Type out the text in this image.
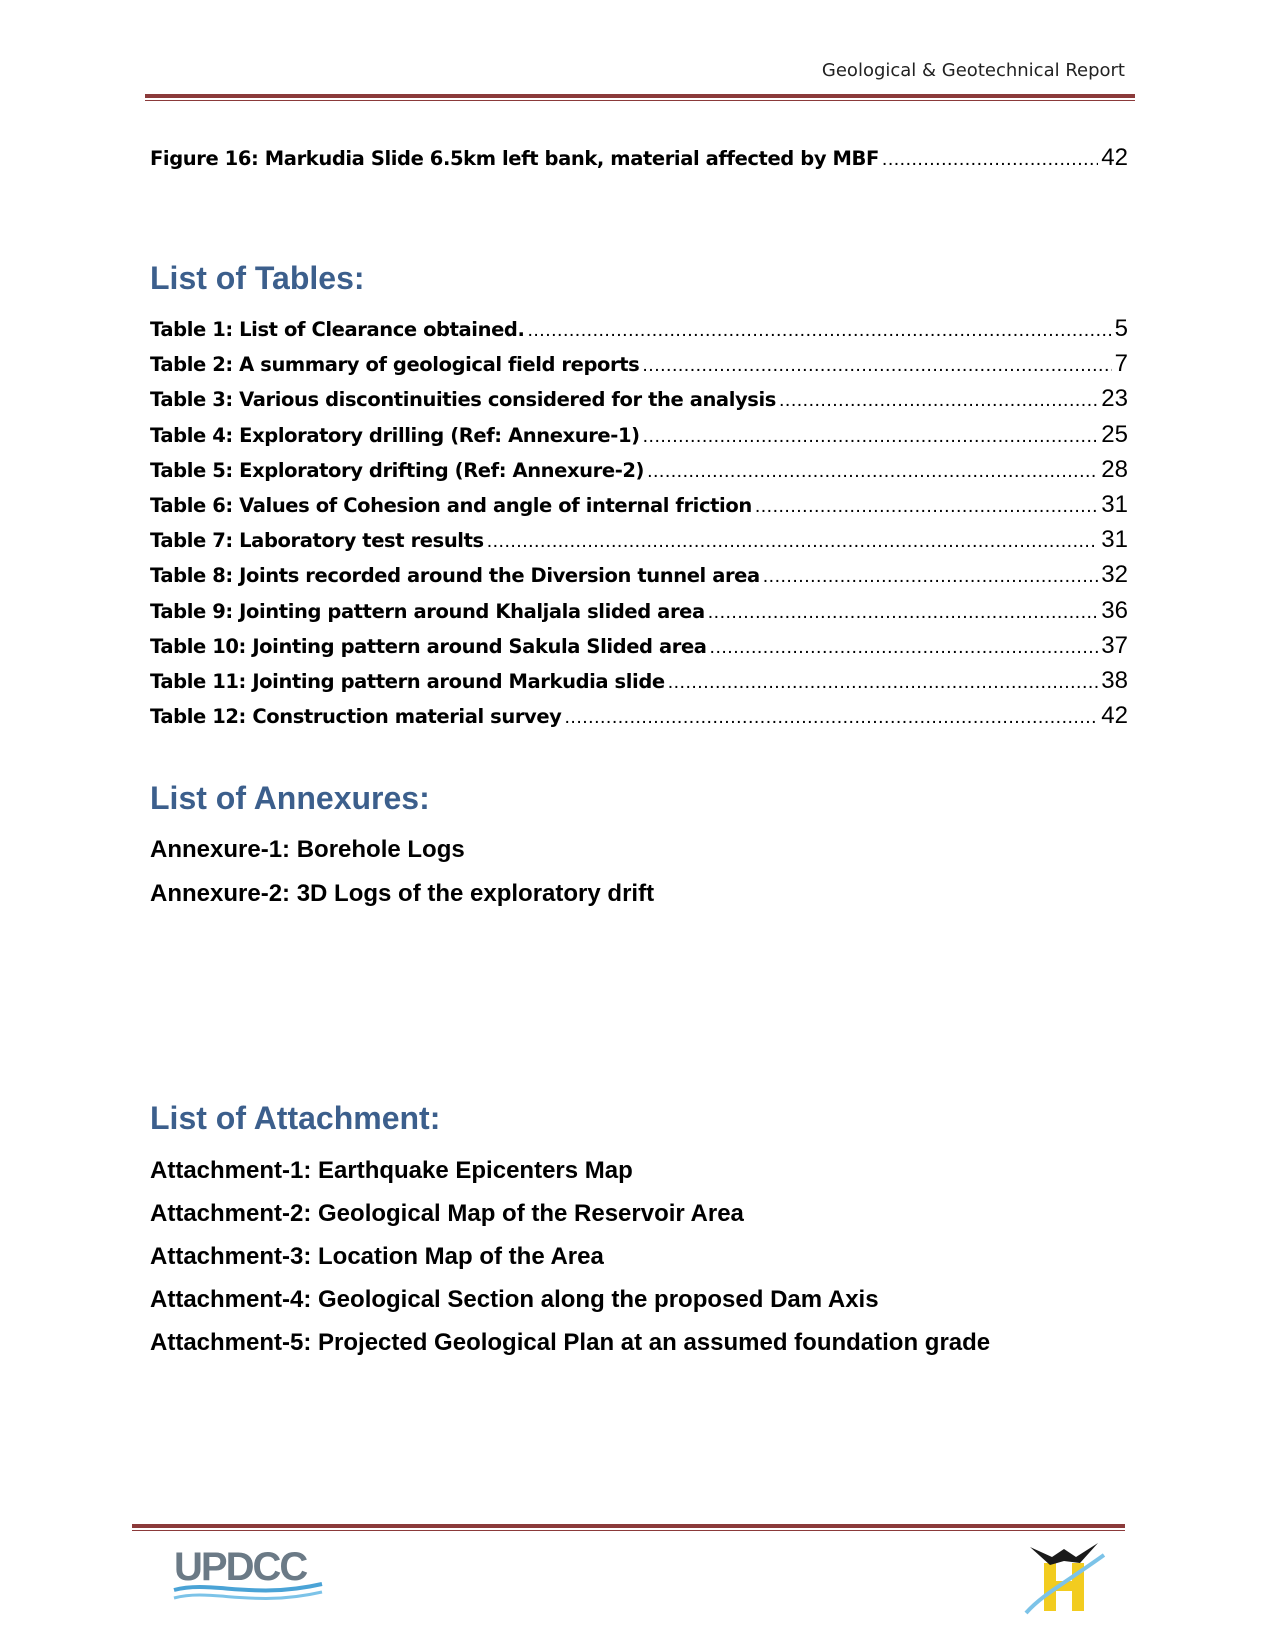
Geological & Geotechnical Report
Figure 16: Markudia Slide 6.5km left bank, material affected by MBF .....	42
List of Tables:
Table 1: List of Clearance obtained. .....	5
Table 2: A summary of geological field reports .....	7
Table 3: Various discontinuities considered for the analysis .....	23
Table 4: Exploratory drilling (Ref: Annexure-1) .....	25
Table 5: Exploratory drifting (Ref: Annexure-2) .....	28
Table 6: Values of Cohesion and angle of internal friction .....	31
Table 7: Laboratory test results .....	31
Table 8: Joints recorded around the Diversion tunnel area .....	32
Table 9: Jointing pattern around Khaljala slided area .....	36
Table 10: Jointing pattern around Sakula Slided area .....	37
Table 11: Jointing pattern around Markudia slide .....	38
Table 12: Construction material survey .....	42
List of Annexures:
Annexure-1: Borehole Logs
Annexure-2: 3D Logs of the exploratory drift
List of Attachment:
Attachment-1: Earthquake Epicenters Map
Attachment-2: Geological Map of the Reservoir Area
Attachment-3: Location Map of the Area
Attachment-4: Geological Section along the proposed Dam Axis
Attachment-5: Projected Geological Plan at an assumed foundation grade
UPDCC
